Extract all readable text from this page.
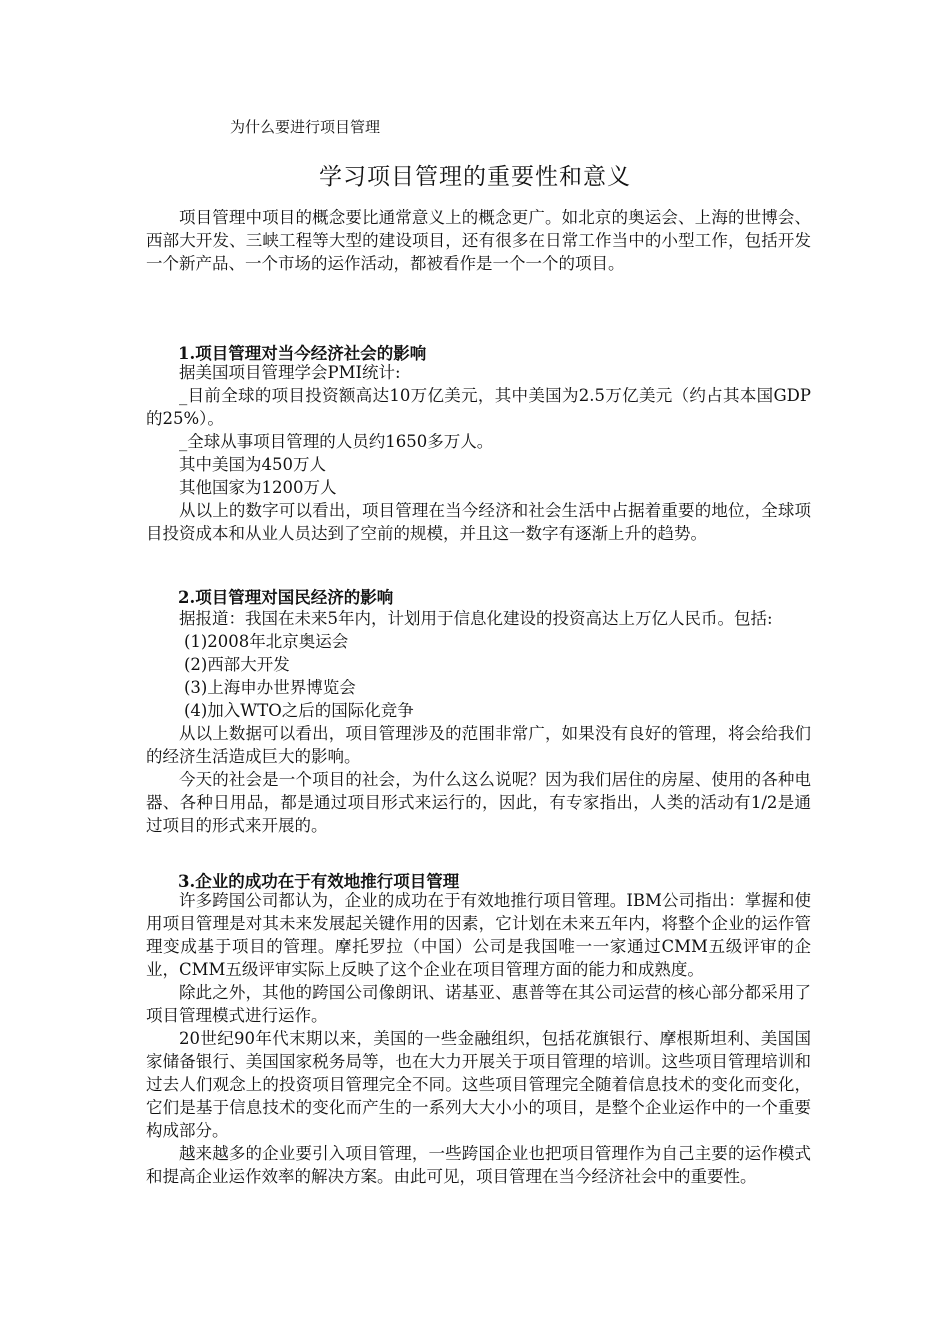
为什么要进行项目管理
学习项目管理的重要性和意义

项目管理中项目的概念要比通常意义上的概念更广。如北京的奥运会、上海的世博会、西部大开发、三峡工程等大型的建设项目，还有很多在日常工作当中的小型工作，包括开发一个新产品、一个市场的运作活动，都被看作是一个一个的项目。

1.项目管理对当今经济社会的影响

据美国项目管理学会PMI统计:

_目前全球的项目投资额高达10万亿美元，其中美国为2.5万亿美元（约占其本国GDP的25%）。

_全球从事项目管理的人员约1650多万人。

其中美国为450万人

其他国家为1200万人

从以上的数字可以看出，项目管理在当今经济和社会生活中占据着重要的地位，全球项目投资成本和从业人员达到了空前的规模，并且这一数字有逐渐上升的趋势。

2.项目管理对国民经济的影响

据报道：我国在未来5年内，计划用于信息化建设的投资高达上万亿人民币。包括:

(1)2008年北京奥运会

(2)西部大开发

(3)上海申办世界博览会

(4)加入WTO之后的国际化竞争

从以上数据可以看出，项目管理涉及的范围非常广，如果没有良好的管理，将会给我们的经济生活造成巨大的影响。

今天的社会是一个项目的社会，为什么这么说呢？因为我们居住的房屋、使用的各种电器、各种日用品，都是通过项目形式来运行的，因此，有专家指出，人类的活动有1/2是通过项目的形式来开展的。

3.企业的成功在于有效地推行项目管理

许多跨国公司都认为，企业的成功在于有效地推行项目管理。IBM公司指出：掌握和使用项目管理是对其未来发展起关键作用的因素，它计划在未来五年内，将整个企业的运作管理变成基于项目的管理。摩托罗拉（中国）公司是我国唯一一家通过CMM五级评审的企业，CMM五级评审实际上反映了这个企业在项目管理方面的能力和成熟度。

除此之外，其他的跨国公司像朗讯、诺基亚、惠普等在其公司运营的核心部分都采用了项目管理模式进行运作。

20世纪90年代末期以来，美国的一些金融组织，包括花旗银行、摩根斯坦利、美国国家储备银行、美国国家税务局等，也在大力开展关于项目管理的培训。这些项目管理培训和过去人们观念上的投资项目管理完全不同。这些项目管理完全随着信息技术的变化而变化，它们是基于信息技术的变化而产生的一系列大大小小的项目，是整个企业运作中的一个重要构成部分。

越来越多的企业要引入项目管理，一些跨国企业也把项目管理作为自己主要的运作模式和提高企业运作效率的解决方案。由此可见，项目管理在当今经济社会中的重要性。
